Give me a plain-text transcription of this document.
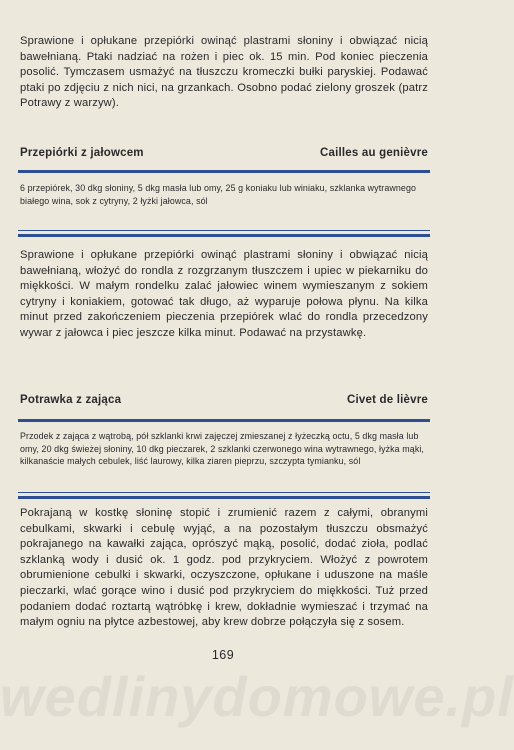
Sprawione i opłukane przepiórki owinąć plastrami słoniny i obwiązać nicią bawełnianą. Ptaki nadziać na rożen i piec ok. 15 min. Pod koniec pieczenia posolić. Tymczasem usmażyć na tłuszczu kromeczki bułki paryskiej. Podawać ptaki po zdjęciu z nich nici, na grzankach. Osobno podać zielony groszek (patrz Potrawy z warzyw).

Przepiórki z jałowcem	Cailles au genièvre

6 przepiórek, 30 dkg słoniny, 5 dkg masła lub omy, 25 g koniaku lub winiaku, szklanka wytrawnego białego wina, sok z cytryny, 2 łyżki jałowca, sól

Sprawione i opłukane przepiórki owinąć plastrami słoniny i obwiązać nicią bawełnianą, włożyć do rondla z rozgrzanym tłuszczem i upiec w piekarniku do miękkości. W małym rondelku zalać jałowiec winem wymieszanym z sokiem cytryny i koniakiem, gotować tak długo, aż wyparuje połowa płynu. Na kilka minut przed zakończeniem pieczenia przepiórek wlać do rondla przecedzony wywar z jałowca i piec jeszcze kilka minut. Podawać na przystawkę.

Potrawka z zająca	Civet de lièvre

Przodek z zająca z wątrobą, pół szklanki krwi zajęczej zmieszanej z łyżeczką octu, 5 dkg masła lub omy, 20 dkg świeżej słoniny, 10 dkg pieczarek, 2 szklanki czerwonego wina wytrawnego, łyżka mąki, kilkanaście małych cebulek, liść laurowy, kilka ziaren pieprzu, szczypta tymianku, sól

Pokrajaną w kostkę słoninę stopić i zrumienić razem z całymi, obranymi cebulkami, skwarki i cebulę wyjąć, a na pozostałym tłuszczu obsmażyć pokrajanego na kawałki zająca, oprószyć mąką, posolić, dodać zioła, podlać szklanką wody i dusić ok. 1 godz. pod przykryciem. Włożyć z powrotem obrumienione cebulki i skwarki, oczyszczone, opłukane i uduszone na maśle pieczarki, wlać gorące wino i dusić pod przykryciem do miękkości. Tuż przed podaniem dodać roztartą wątróbkę i krew, dokładnie wymieszać i trzymać na małym ogniu na płytce azbestowej, aby krew dobrze połączyła się z sosem.

169
wedlinydomowe.pl
